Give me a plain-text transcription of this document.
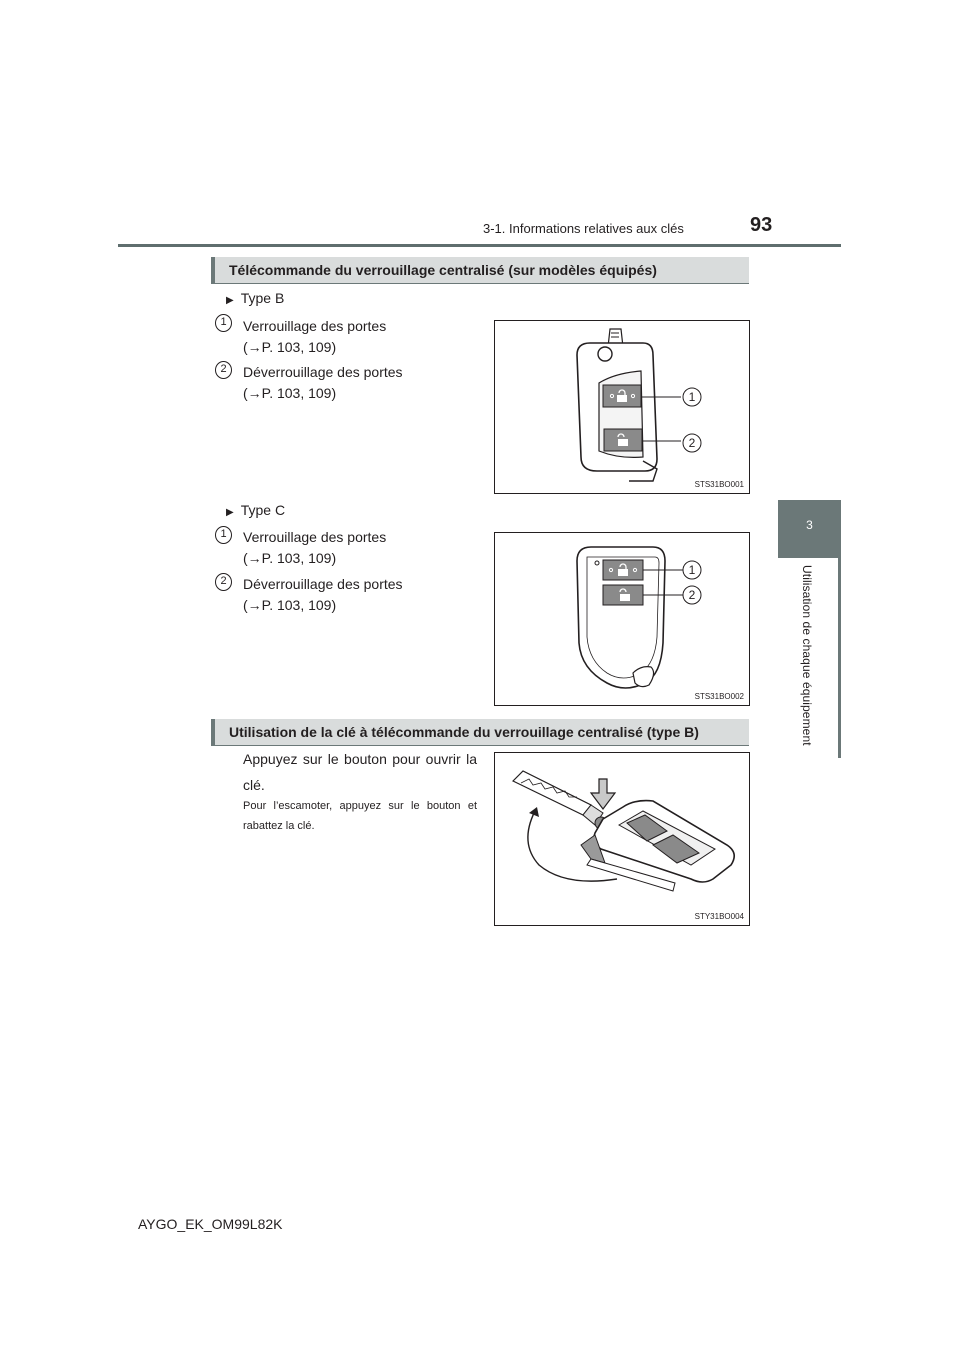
3-1. Informations relatives aux clés	93
3
Utilisation de chaque équipement
Télécommande du verrouillage centralisé (sur modèles équipés)
▶ Type B
1	Verrouillage des portes
(→P. 103, 109)
2	Déverrouillage des portes
(→P. 103, 109)	1
2
STS31BO001
▶ Type C
1	Verrouillage des portes
(→P. 103, 109)
2	Déverrouillage des portes
(→P. 103, 109)
1
2
STS31BO002
Utilisation de la clé à télécommande du verrouillage centralisé (type B)
Appuyez sur le bouton pour ouvrir la clé.
Pour l’escamoter, appuyez sur le bouton et rabattez la clé.
STY31BO004
AYGO_EK_OM99L82K
